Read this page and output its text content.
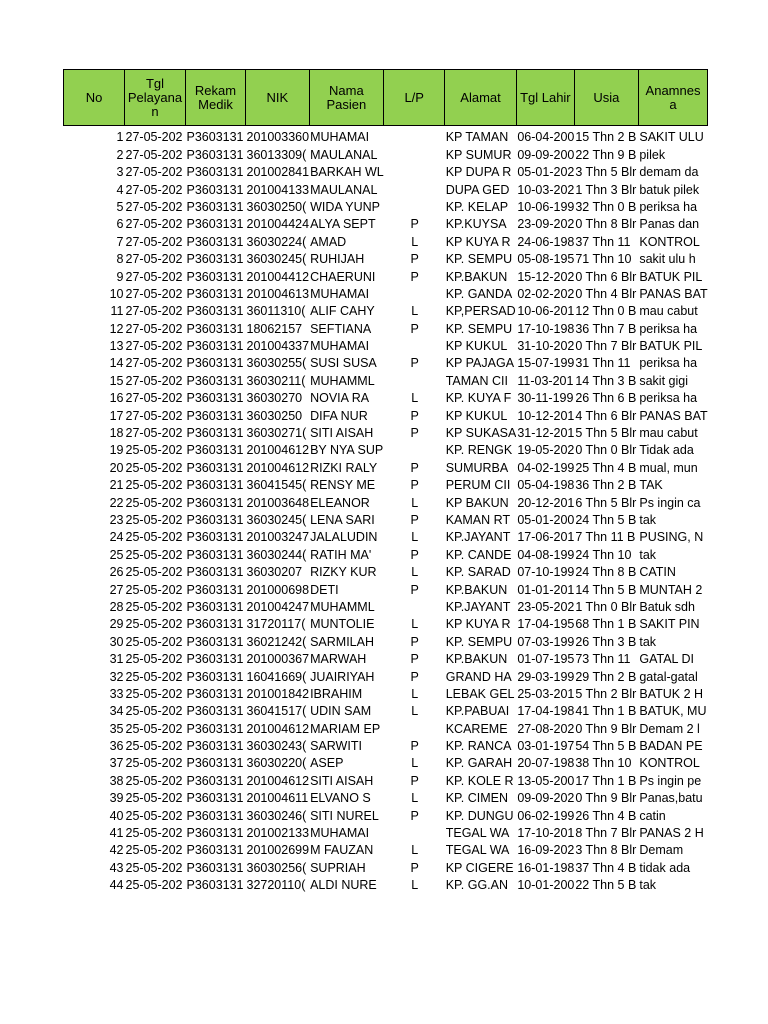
No	Tgl
Pelayana
n	Rekam
Medik	NIK	Nama
Pasien	L/P	Alamat	Tgl Lahir	Usia	Anamnes
a
1	27-05-202	P3603131	201003360	MUHAMAI		KP TAMAN	06-04-200	15 Thn 2 B	SAKIT ULU
2	27-05-202	P3603131	36013309(	MAULANAL		KP SUMUR	09-09-200	22 Thn 9 B	pilek
3	27-05-202	P3603131	201002841	BARKAH WL		KP DUPA R	05-01-202	3 Thn 5 Blr	demam da
4	27-05-202	P3603131	201004133	MAULANAL		DUPA GED	10-03-202	1 Thn 3 Blr	batuk pilek
5	27-05-202	P3603131	36030250(	WIDA YUNP		KP. KELAP	10-06-199	32 Thn 0 B	periksa ha
6	27-05-202	P3603131	201004424	ALYA SEPT	P	KP.KUYSA	23-09-202	0 Thn 8 Blr	Panas dan
7	27-05-202	P3603131	36030224(	AMAD	L	KP KUYA R	24-06-198	37 Thn 11	KONTROL
8	27-05-202	P3603131	36030245(	RUHIJAH	P	KP. SEMPU	05-08-195	71 Thn 10	sakit ulu h
9	27-05-202	P3603131	201004412	CHAERUNI	P	KP.BAKUN	15-12-202	0 Thn 6 Blr	BATUK PIL
10	27-05-202	P3603131	201004613	MUHAMAI		KP. GANDA	02-02-202	0 Thn 4 Blr	PANAS BAT
11	27-05-202	P3603131	36011310(	ALIF CAHY	L	KP,PERSAD	10-06-201	12 Thn 0 B	mau cabut
12	27-05-202	P3603131	18062157	SEFTIANA	P	KP. SEMPU	17-10-198	36 Thn 7 B	periksa ha
13	27-05-202	P3603131	201004337	MUHAMAI		KP KUKUL	31-10-202	0 Thn 7 Blr	BATUK PIL
14	27-05-202	P3603131	36030255(	SUSI SUSA	P	KP PAJAGA	15-07-199	31 Thn 11	periksa ha
15	27-05-202	P3603131	36030211(	MUHAMML		TAMAN CII	11-03-201	14 Thn 3 B	sakit gigi
16	27-05-202	P3603131	36030270	NOVIA RA	L	KP. KUYA F	30-11-199	26 Thn 6 B	periksa ha
17	27-05-202	P3603131	36030250	DIFA NUR	P	KP KUKUL	10-12-201	4 Thn 6 Blr	PANAS BAT
18	27-05-202	P3603131	36030271(	SITI AISAH	P	KP SUKASA	31-12-201	5 Thn 5 Blr	mau cabut
19	25-05-202	P3603131	201004612	BY NYA SUP		KP. RENGK	19-05-202	0 Thn 0 Blr	Tidak ada
20	25-05-202	P3603131	201004612	RIZKI RALY	P	SUMURBA	04-02-199	25 Thn 4 B	mual, mun
21	25-05-202	P3603131	36041545(	RENSY ME	P	PERUM CII	05-04-198	36 Thn 2 B	TAK
22	25-05-202	P3603131	201003648	ELEANOR	L	KP BAKUN	20-12-201	6 Thn 5 Blr	Ps ingin ca
23	25-05-202	P3603131	36030245(	LENA SARI	P	KAMAN RT	05-01-200	24 Thn 5 B	tak
24	25-05-202	P3603131	201003247	JALALUDIN	L	KP.JAYANT	17-06-201	7 Thn 11 B	PUSING, N
25	25-05-202	P3603131	36030244(	RATIH MA'	P	KP. CANDE	04-08-199	24 Thn 10	tak
26	25-05-202	P3603131	36030207	RIZKY KUR	L	KP. SARAD	07-10-199	24 Thn 8 B	CATIN
27	25-05-202	P3603131	201000698	DETI	P	KP.BAKUN	01-01-201	14 Thn 5 B	MUNTAH 2
28	25-05-202	P3603131	201004247	MUHAMML		KP.JAYANT	23-05-202	1 Thn 0 Blr	Batuk sdh
29	25-05-202	P3603131	31720117(	MUNTOLIE	L	KP KUYA R	17-04-195	68 Thn 1 B	SAKIT PIN
30	25-05-202	P3603131	36021242(	SARMILAH	P	KP. SEMPU	07-03-199	26 Thn 3 B	tak
31	25-05-202	P3603131	201000367	MARWAH	P	KP.BAKUN	01-07-195	73 Thn 11	GATAL DI
32	25-05-202	P3603131	16041669(	JUAIRIYAH	P	GRAND HA	29-03-199	29 Thn 2 B	gatal-gatal
33	25-05-202	P3603131	201001842	IBRAHIM	L	LEBAK GEL	25-03-201	5 Thn 2 Blr	BATUK 2 H
34	25-05-202	P3603131	36041517(	UDIN SAM	L	KP.PABUAI	17-04-198	41 Thn 1 B	BATUK, MU
35	25-05-202	P3603131	201004612	MARIAM EP		KCAREME	27-08-202	0 Thn 9 Blr	Demam 2 l
36	25-05-202	P3603131	36030243(	SARWITI	P	KP. RANCA	03-01-197	54 Thn 5 B	BADAN PE
37	25-05-202	P3603131	36030220(	ASEP	L	KP. GARAH	20-07-198	38 Thn 10	KONTROL
38	25-05-202	P3603131	201004612	SITI AISAH	P	KP. KOLE R	13-05-200	17 Thn 1 B	Ps ingin pe
39	25-05-202	P3603131	201004611	ELVANO S	L	KP. CIMEN	09-09-202	0 Thn 9 Blr	Panas,batu
40	25-05-202	P3603131	36030246(	SITI NUREL	P	KP. DUNGU	06-02-199	26 Thn 4 B	catin
41	25-05-202	P3603131	201002133	MUHAMAI		TEGAL WA	17-10-201	8 Thn 7 Blr	PANAS 2 H
42	25-05-202	P3603131	201002699	M FAUZAN	L	TEGAL WA	16-09-202	3 Thn 8 Blr	Demam
43	25-05-202	P3603131	36030256(	SUPRIAH	P	KP CIGERE	16-01-198	37 Thn 4 B	tidak ada
44	25-05-202	P3603131	32720110(	ALDI NURE	L	KP. GG.AN	10-01-200	22 Thn 5 B	tak
